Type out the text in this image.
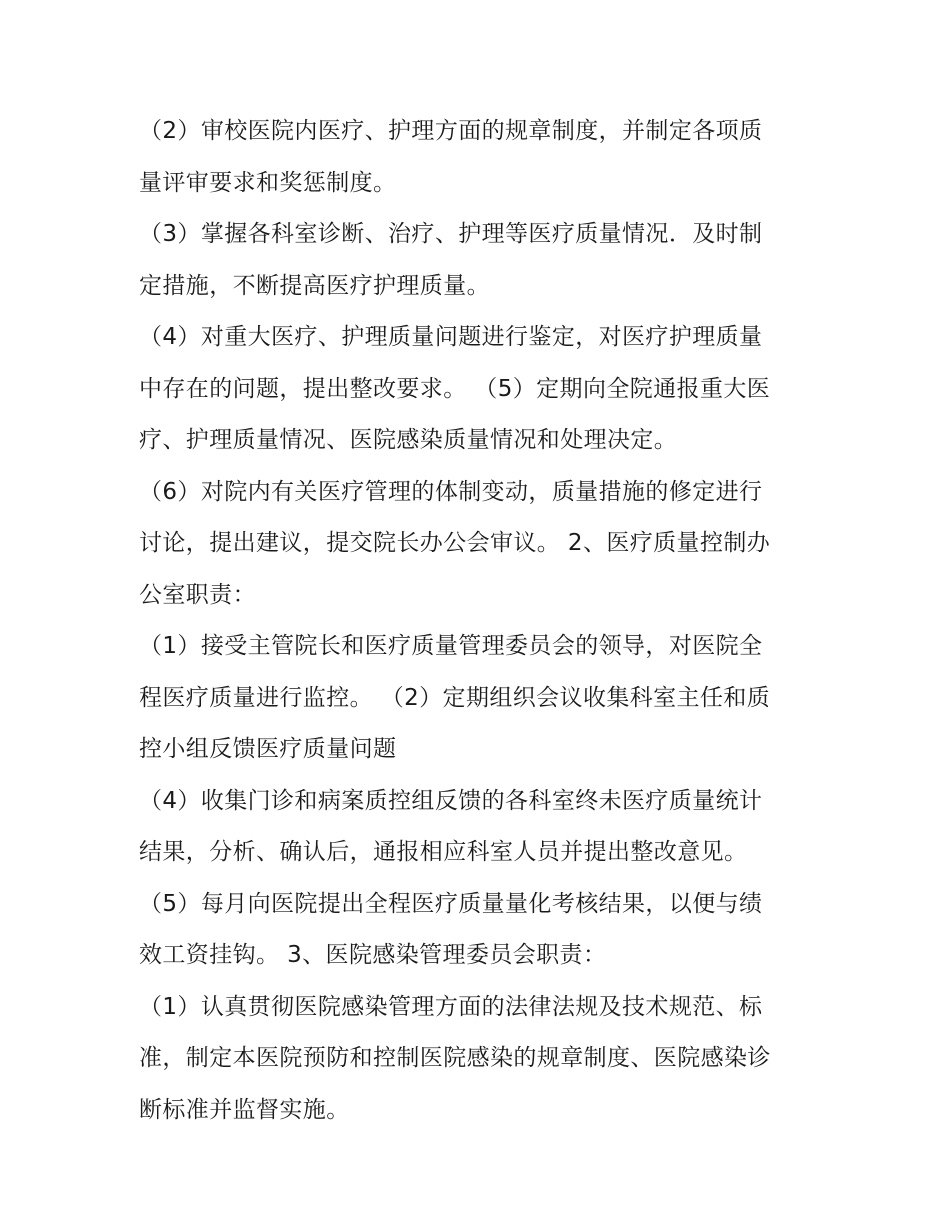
（2）审校医院内医疗、护理方面的规章制度，并制定各项质
量评审要求和奖惩制度。
（3）掌握各科室诊断、治疗、护理等医疗质量情况．及时制
定措施，不断提高医疗护理质量。
（4）对重大医疗、护理质量问题进行鉴定，对医疗护理质量
中存在的问题，提出整改要求。 （5）定期向全院通报重大医
疗、护理质量情况、医院感染质量情况和处理决定。
（6）对院内有关医疗管理的体制变动，质量措施的修定进行
讨论，提出建议，提交院长办公会审议。 2、医疗质量控制办
公室职责：
（1）接受主管院长和医疗质量管理委员会的领导，对医院全
程医疗质量进行监控。 （2）定期组织会议收集科室主任和质
控小组反馈医疗质量问题
（4）收集门诊和病案质控组反馈的各科室终未医疗质量统计
结果，分析、确认后，通报相应科室人员并提出整改意见。
（5）每月向医院提出全程医疗质量量化考核结果，以便与绩
效工资挂钩。 3、医院感染管理委员会职责：
（1）认真贯彻医院感染管理方面的法律法规及技术规范、标
准，制定本医院预防和控制医院感染的规章制度、医院感染诊
断标准并监督实施。
